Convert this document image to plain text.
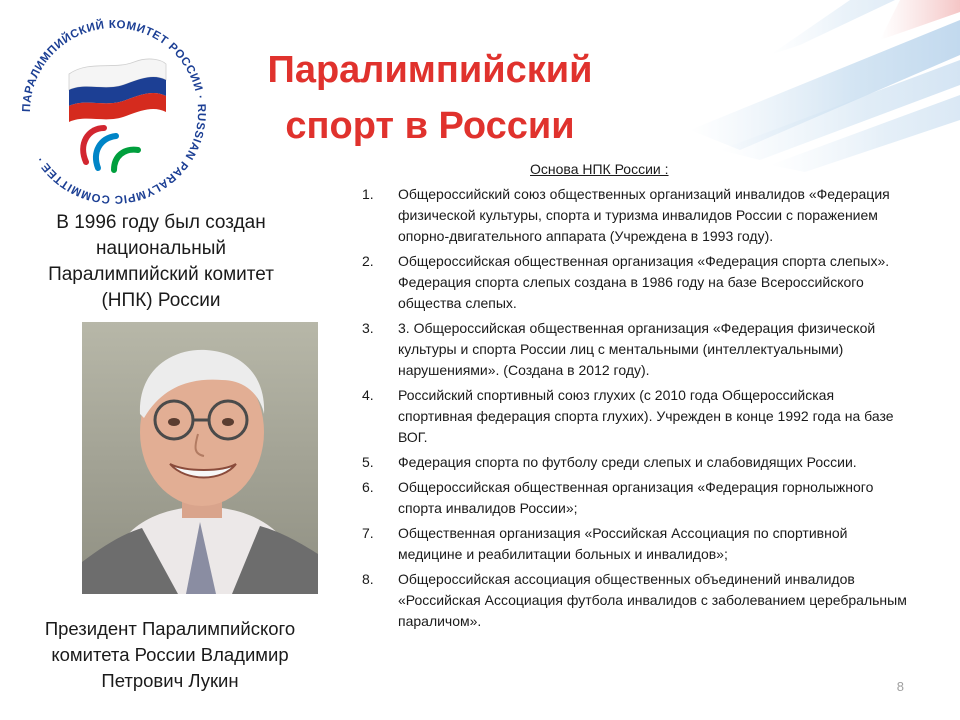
ПАРАЛИМПИЙСКИЙ КОМИТЕТ РОССИИ · RUSSIAN PARALYMPIC COMMITTEE ·
Паралимпийский
спорт в России
В 1996 году был создан национальный Паралимпийский комитет (НПК) России
Президент Паралимпийского комитета России Владимир Петрович Лукин
Основа НПК России :
1.	Общероссийский союз общественных организаций инвалидов «Федерация физической культуры, спорта и туризма инвалидов России с поражением опорно-двигательного аппарата (Учреждена в 1993 году).
2.	Общероссийская общественная организация «Федерация спорта слепых». Федерация спорта слепых создана в 1986 году на базе Всероссийского общества слепых.
3.	3. Общероссийская общественная организация «Федерация физической культуры и спорта России лиц с ментальными (интеллектуальными) нарушениями». (Создана в 2012 году).
4.	Российский спортивный союз глухих (с 2010 года Общероссийская спортивная федерация спорта глухих). Учрежден в конце 1992 года на базе ВОГ.
5.	Федерация спорта по футболу среди слепых и слабовидящих России.
6.	Общероссийская общественная организация «Федерация горнолыжного спорта инвалидов России»;
7.	Общественная организация «Российская Ассоциация по спортивной медицине и реабилитации больных и инвалидов»;
8.	Общероссийская ассоциация общественных объединений инвалидов «Российская Ассоциация футбола инвалидов с заболеванием церебральным параличом».
8
